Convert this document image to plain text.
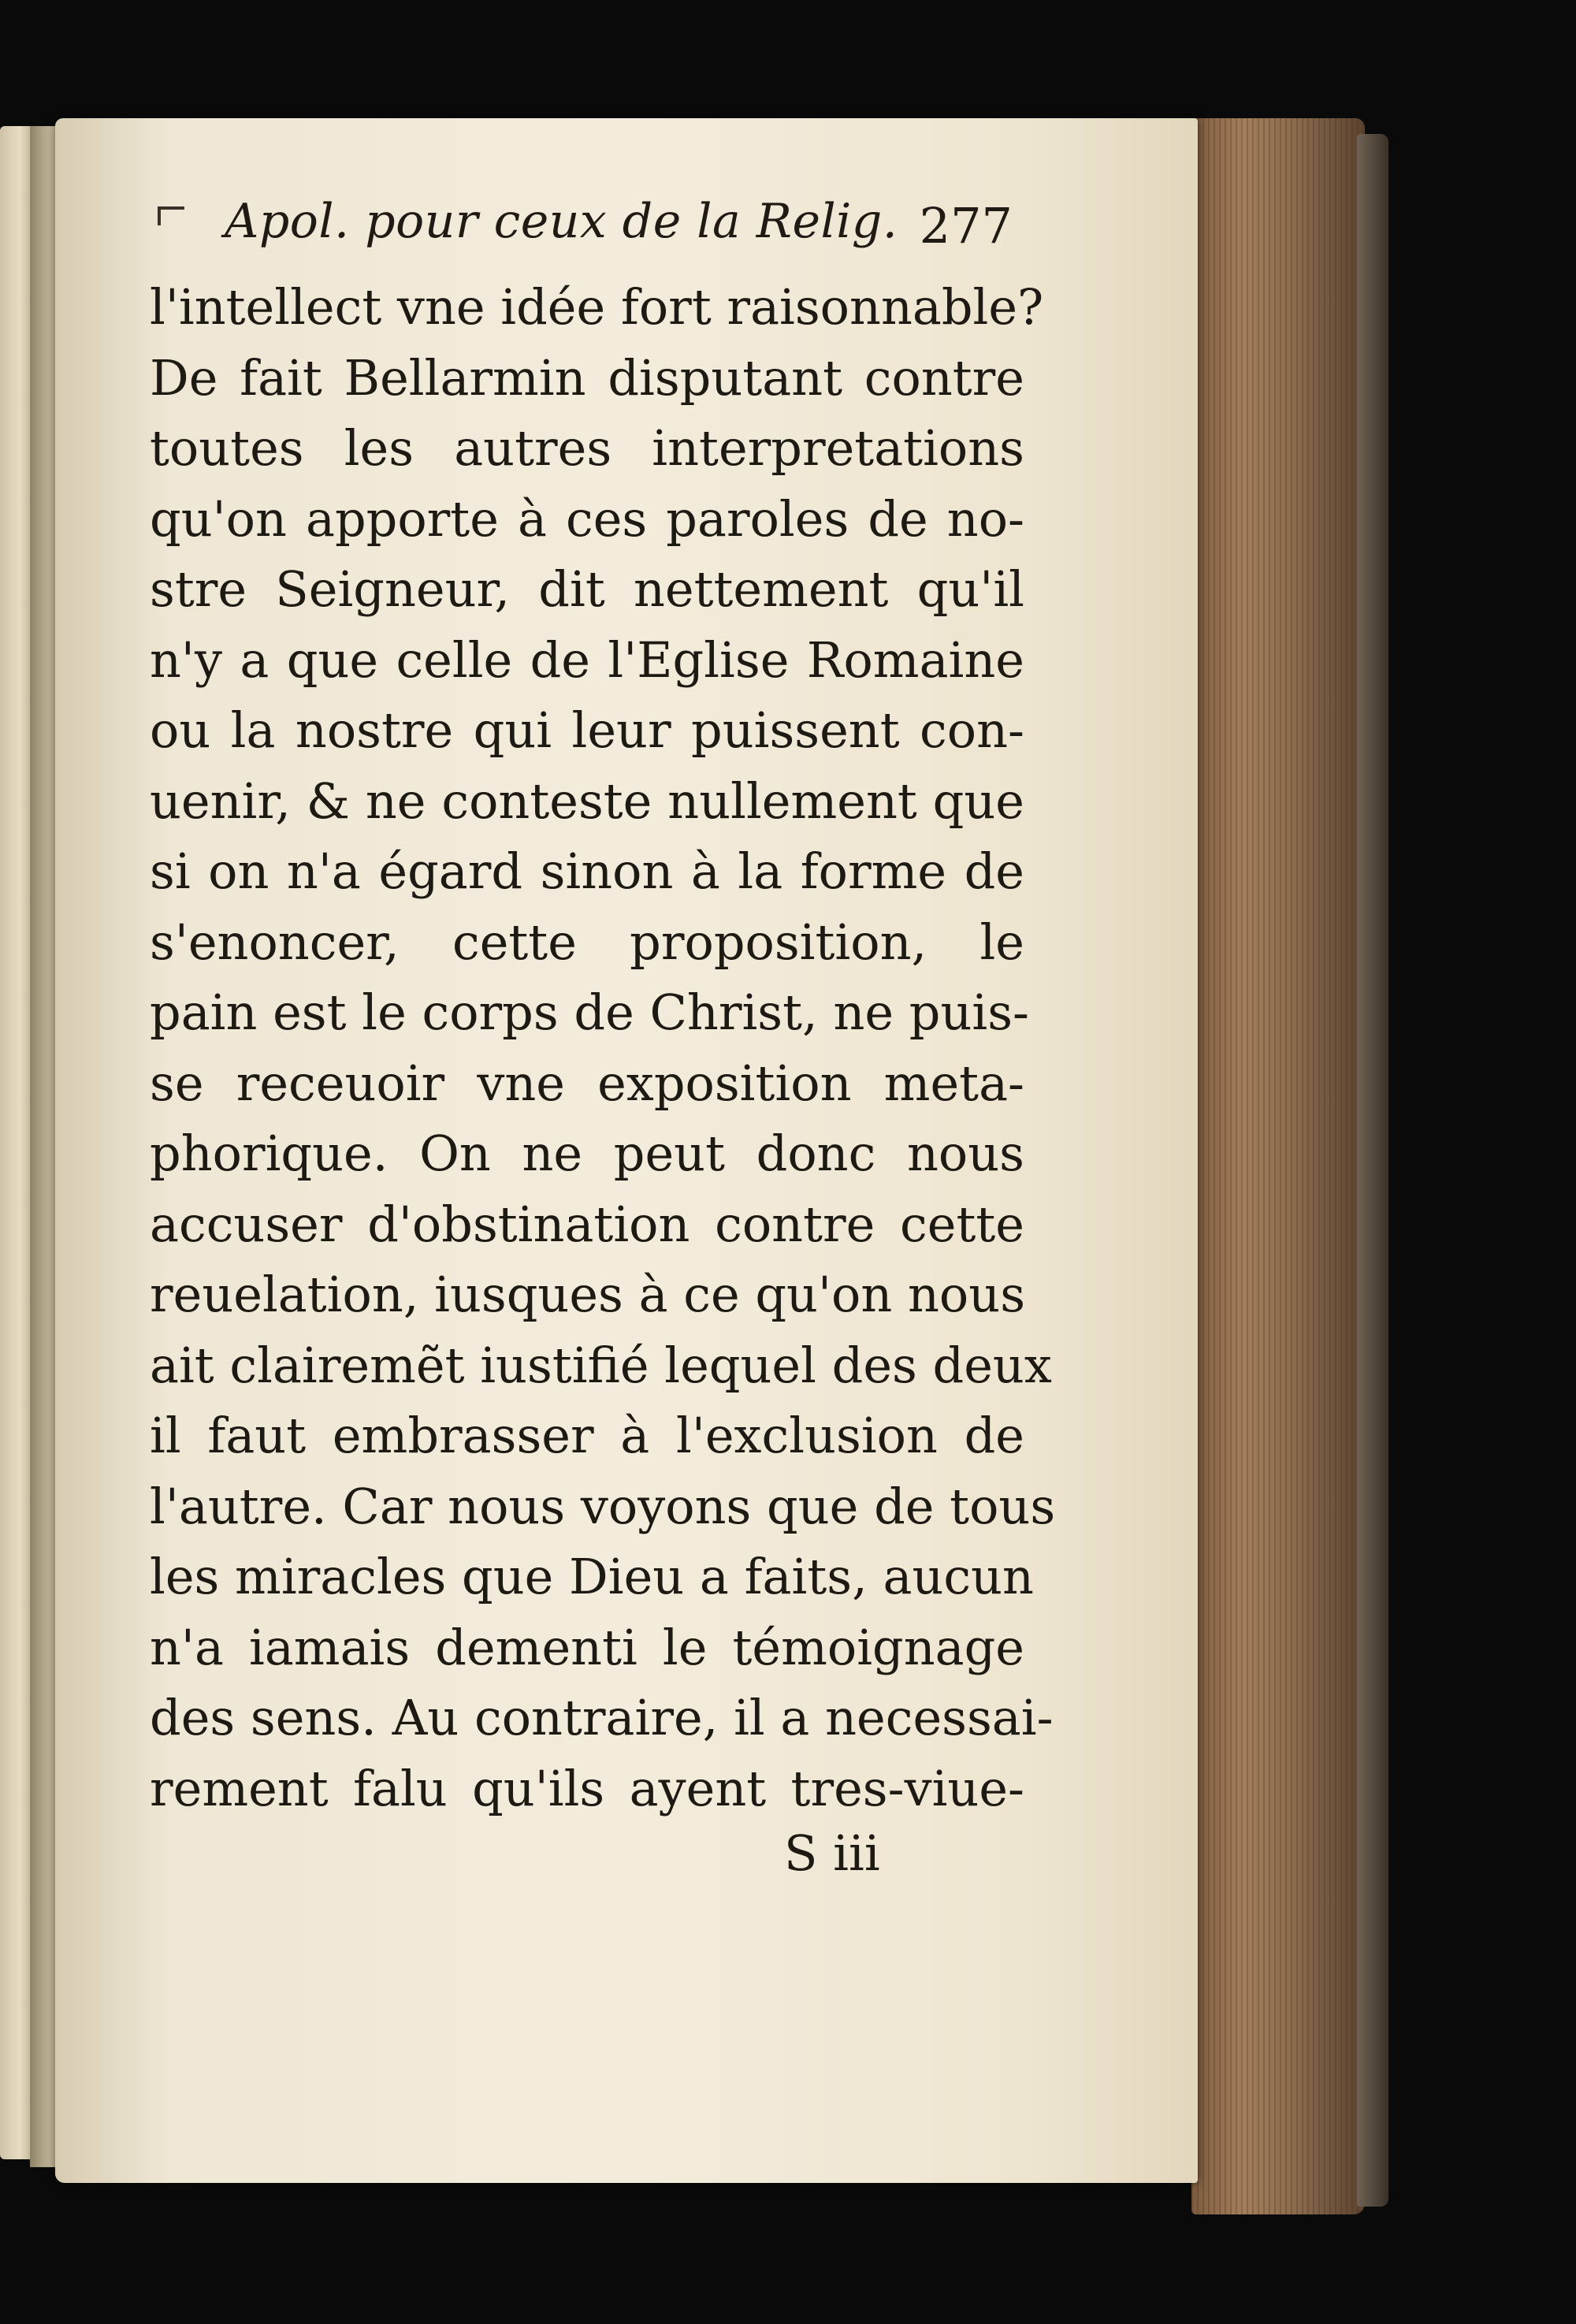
Apol. pour ceux de la Relig. 277
l'intellect vne idée fort raisonnable?
De fait Bellarmin disputant contre
toutes les autres interpretations
qu'on apporte à ces paroles de no-
stre Seigneur, dit nettement qu'il
n'y a que celle de l'Eglise Romaine
ou la nostre qui leur puissent con-
uenir, & ne conteste nullement que
si on n'a égard sinon à la forme de
s'enoncer, cette proposition, le
pain est le corps de Christ, ne puis-
se receuoir vne exposition meta-
phorique. On ne peut donc nous
accuser d'obstination contre cette
reuelation, iusques à ce qu'on nous
ait clairemẽt iustifié lequel des deux
il faut embrasser à l'exclusion de
l'autre. Car nous voyons que de tous
les miracles que Dieu a faits, aucun
n'a iamais dementi le témoignage
des sens. Au contraire, il a necessai-
rement falu qu'ils ayent tres-viue-
S iii
